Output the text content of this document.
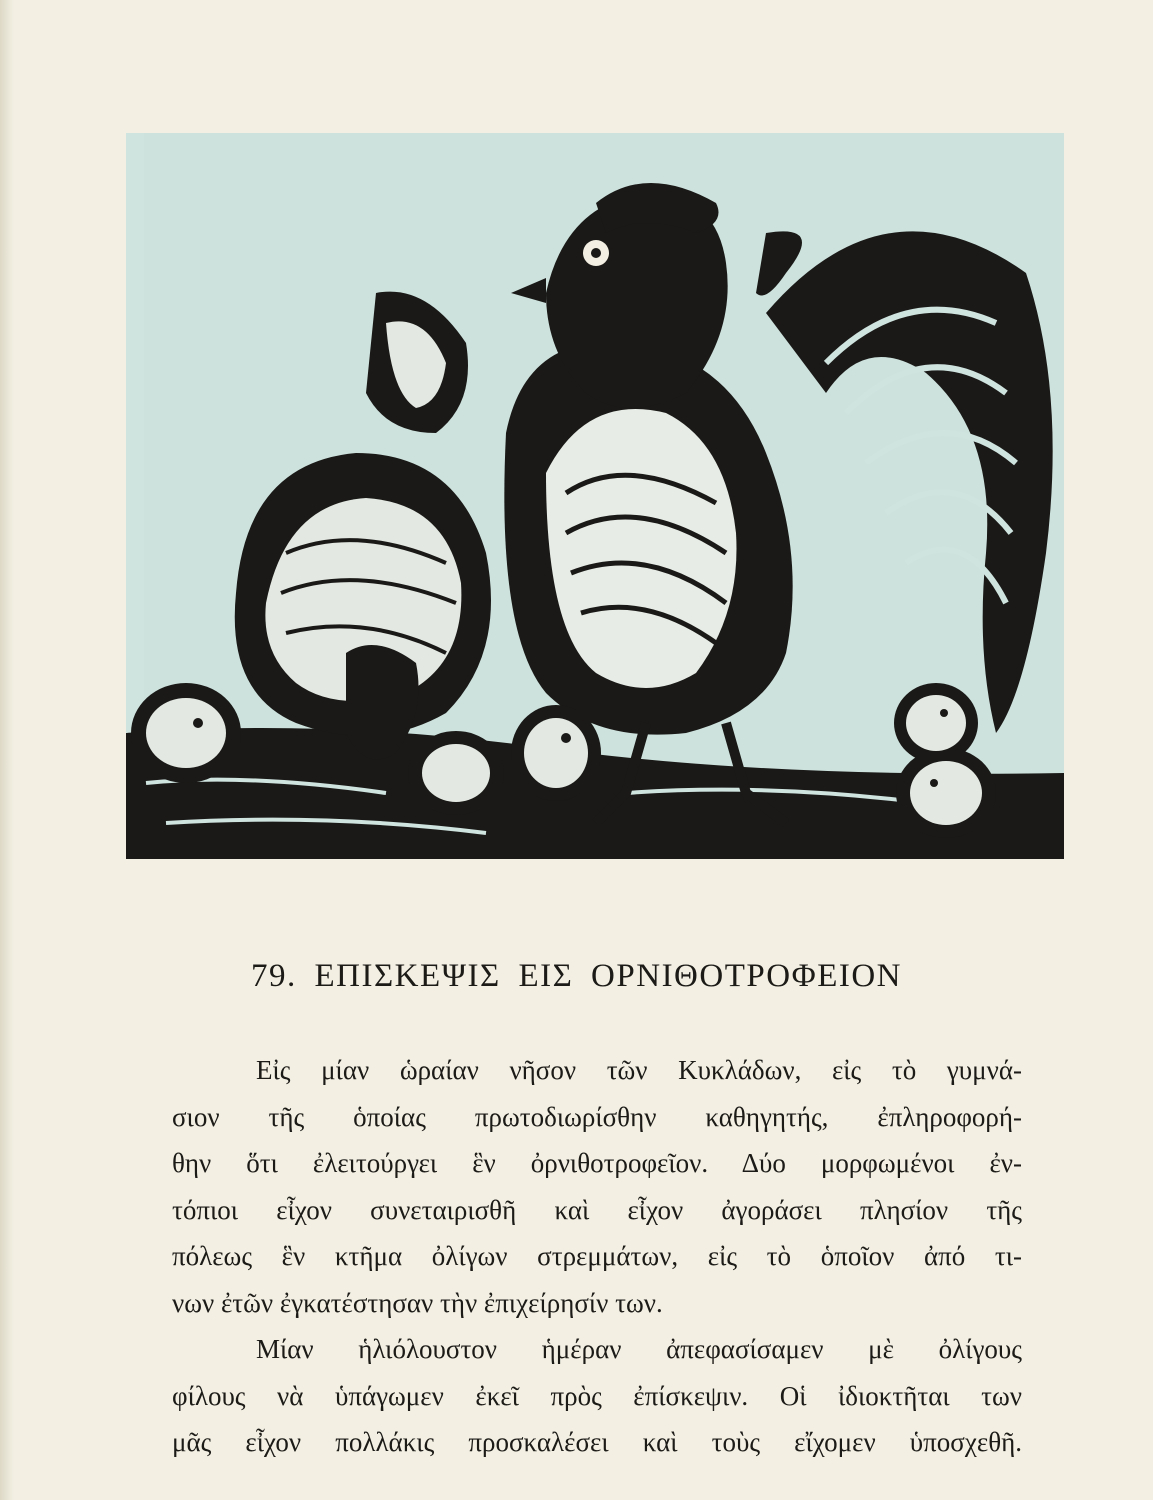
79. ΕΠΙΣΚΕΨΙΣ ΕΙΣ ΟΡΝΙΘΟΤΡΟΦΕΙΟΝ
Εἰς μίαν ὡραίαν νῆσον τῶν Κυκλάδων, εἰς τὸ γυμνά-
σιον τῆς ὁποίας πρωτοδιωρίσθην καθηγητής, ἐπληροφορή-
θην ὅτι ἐλειτούργει ἓν ὀρνιθοτροφεῖον. Δύο μορφωμένοι ἐν-
τόπιοι εἶχον συνεταιρισθῆ καὶ εἶχον ἀγοράσει πλησίον τῆς
πόλεως ἓν κτῆμα ὀλίγων στρεμμάτων, εἰς τὸ ὁποῖον ἀπό τι-
νων ἐτῶν ἐγκατέστησαν τὴν ἐπιχείρησίν των.
Μίαν ἡλιόλουστον ἡμέραν ἀπεφασίσαμεν μὲ ὀλίγους
φίλους νὰ ὑπάγωμεν ἐκεῖ πρὸς ἐπίσκεψιν. Οἱ ἰδιοκτῆται των
μᾶς εἶχον πολλάκις προσκαλέσει καὶ τοὺς εἴχομεν ὑποσχεθῆ.
